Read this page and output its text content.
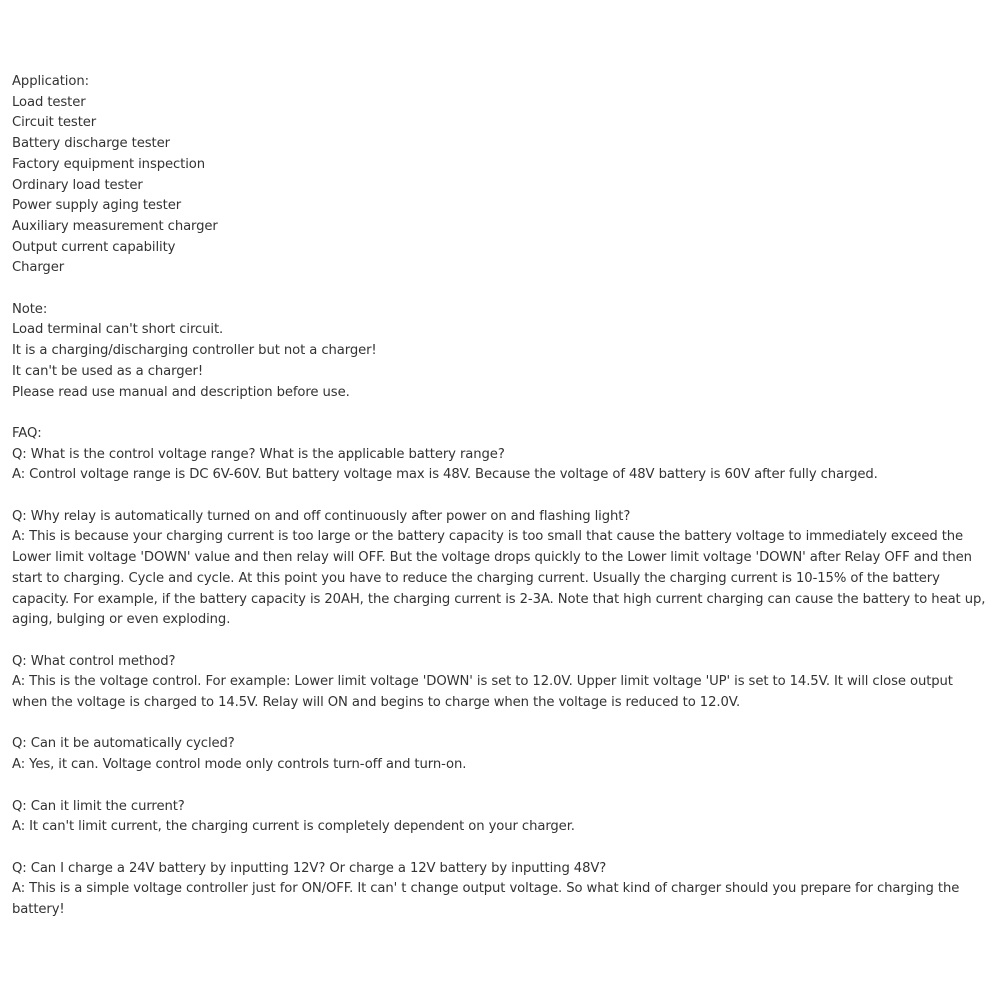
Application:
Load tester
Circuit tester
Battery discharge tester
Factory equipment inspection
Ordinary load tester
Power supply aging tester
Auxiliary measurement charger
Output current capability
Charger
Note:
Load terminal can't short circuit.
It is a charging/discharging controller but not a charger!
It can't be used as a charger!
Please read use manual and description before use.
FAQ:
Q: What is the control voltage range? What is the applicable battery range?
A: Control voltage range is DC 6V-60V. But battery voltage max is 48V. Because the voltage of 48V battery is 60V after fully charged.
Q: Why relay is automatically turned on and off continuously after power on and flashing light?
A: This is because your charging current is too large or the battery capacity is too small that cause the battery voltage to immediately exceed the Lower limit voltage 'DOWN' value and then relay will OFF. But the voltage drops quickly to the Lower limit voltage 'DOWN' after Relay OFF and then start to charging. Cycle and cycle. At this point you have to reduce the charging current. Usually the charging current is 10-15% of the battery capacity. For example, if the battery capacity is 20AH, the charging current is 2-3A. Note that high current charging can cause the battery to heat up, aging, bulging or even exploding.
Q: What control method?
A: This is the voltage control. For example: Lower limit voltage 'DOWN' is set to 12.0V. Upper limit voltage 'UP' is set to 14.5V. It will close output when the voltage is charged to 14.5V. Relay will ON and begins to charge when the voltage is reduced to 12.0V.
Q: Can it be automatically cycled?
A: Yes, it can. Voltage control mode only controls turn-off and turn-on.
Q: Can it limit the current?
A: It can't limit current, the charging current is completely dependent on your charger.
Q: Can I charge a 24V battery by inputting 12V? Or charge a 12V battery by inputting 48V?
A: This is a simple voltage controller just for ON/OFF. It can' t change output voltage. So what kind of charger should you prepare for charging the battery!
